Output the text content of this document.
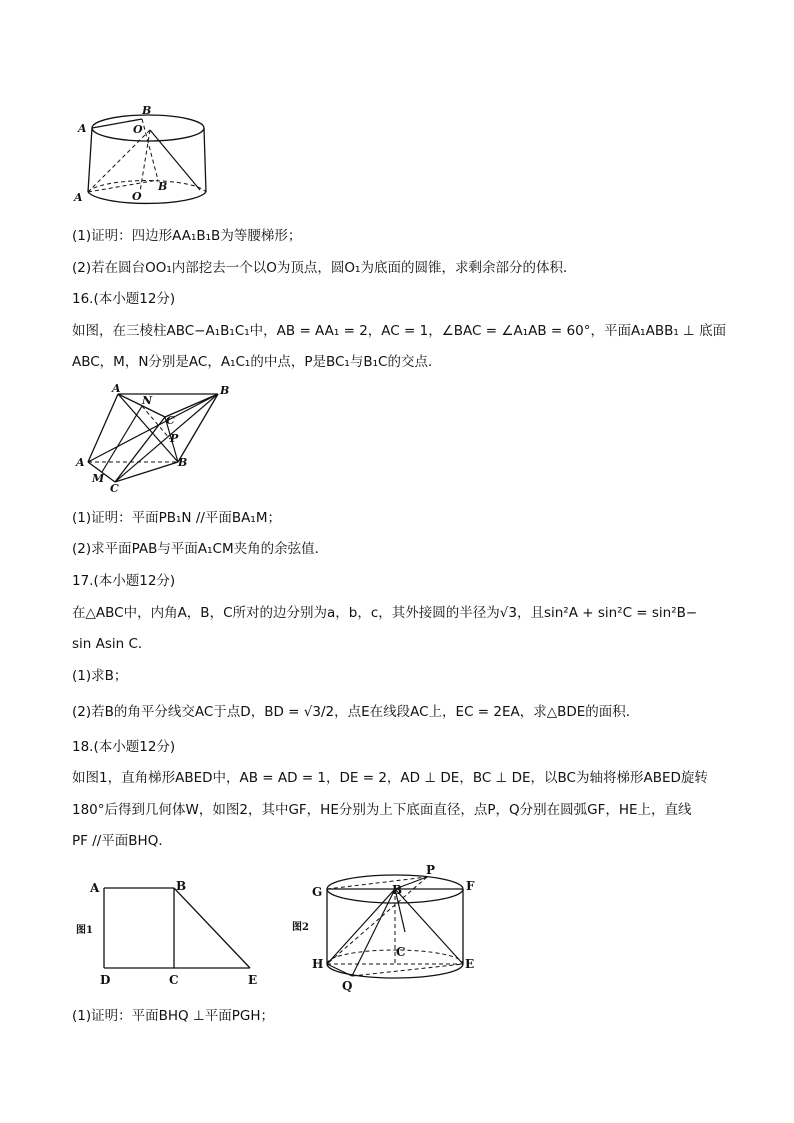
A
B
O
A
B
O
(1)证明：四边形AA₁B₁B为等腰梯形；
(2)若在圆台OO₁内部挖去一个以O为顶点，圆O₁为底面的圆锥，求剩余部分的体积．
16.(本小题12分)
如图，在三棱柱ABC−A₁B₁C₁中，AB = AA₁ = 2，AC = 1，∠BAC = ∠A₁AB = 60°，平面A₁ABB₁ ⊥ 底面
ABC，M，N分别是AC，A₁C₁的中点，P是BC₁与B₁C的交点．
A	B
N
C
P
A	B
M
C
(1)证明：平面PB₁N //平面BA₁M；
(2)求平面PAB与平面A₁CM夹角的余弦值．
17.(本小题12分)
在△ABC中，内角A，B，C所对的边分别为a，b，c，其外接圆的半径为√3，且sin²A + sin²C = sin²B−
sin Asin C．
(1)求B；
(2)若B的角平分线交AC于点D，BD = √3/2，点E在线段AC上，EC = 2EA，求△BDE的面积．
18.(本小题12分)
如图1，直角梯形ABED中，AB = AD = 1，DE = 2，AD ⊥ DE，BC ⊥ DE，以BC为轴将梯形ABED旋转
180°后得到几何体W，如图2，其中GF，HE分别为上下底面直径，点P，Q分别在圆弧GF，HE上，直线
PF //平面BHQ．
A	B
D	C	E
图1
G	B
P
F
H
C
E
Q
图2
(1)证明：平面BHQ ⊥平面PGH；
